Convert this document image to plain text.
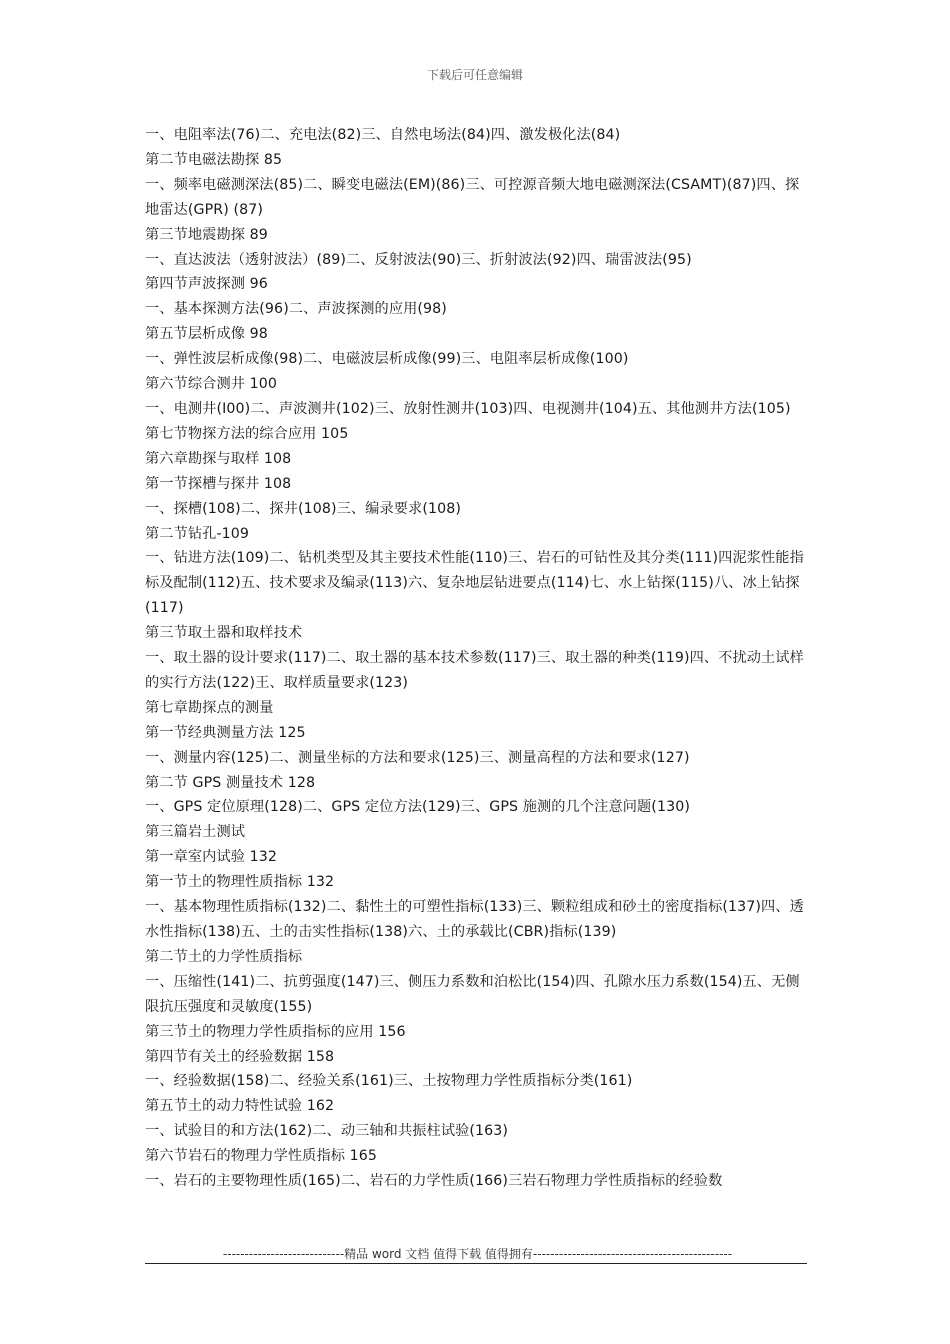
下载后可任意编辑
一、电阻率法(76)二、充电法(82)三、自然电场法(84)四、激发极化法(84)
第二节电磁法勘探 85
一、频率电磁测深法(85)二、瞬变电磁法(EM)(86)三、可控源音频大地电磁测深法(CSAMT)(87)四、探地雷达(GPR) (87)
第三节地震勘探 89
一、直达波法（透射波法）(89)二、反射波法(90)三、折射波法(92)四、瑞雷波法(95)
第四节声波探测 96
一、基本探测方法(96)二、声波探测的应用(98)
第五节层析成像 98
一、弹性波层析成像(98)二、电磁波层析成像(99)三、电阻率层析成像(100)
第六节综合测井 100
一、电测井(I00)二、声波测井(102)三、放射性测井(103)四、电视测井(104)五、其他测井方法(105)
第七节物探方法的综合应用 105
第六章勘探与取样 108
第一节探槽与探井 108
一、探槽(108)二、探井(108)三、编录要求(108)
第二节钻孔-109
一、钻进方法(109)二、钻机类型及其主要技术性能(110)三、岩石的可钻性及其分类(111)四泥浆性能指标及配制(112)五、技术要求及编录(113)六、复杂地层钻进要点(114)七、水上钻探(115)八、冰上钻探(117)
第三节取土器和取样技术
一、取土器的设计要求(117)二、取土器的基本技术参数(117)三、取土器的种类(119)四、不扰动土试样的实行方法(122)王、取样质量要求(123)
第七章勘探点的测量
第一节经典测量方法 125
一、测量内容(125)二、测量坐标的方法和要求(125)三、测量高程的方法和要求(127)
第二节 GPS 测量技术 128
一、GPS 定位原理(128)二、GPS 定位方法(129)三、GPS 施测的几个注意问题(130)
第三篇岩土测试
第一章室内试验 132
第一节土的物理性质指标 132
一、基本物理性质指标(132)二、黏性土的可塑性指标(133)三、颗粒组成和砂土的密度指标(137)四、透水性指标(138)五、土的击实性指标(138)六、土的承载比(CBR)指标(139)
第二节土的力学性质指标
一、压缩性(141)二、抗剪强度(147)三、侧压力系数和泊松比(154)四、孔隙水压力系数(154)五、无侧限抗压强度和灵敏度(155)
第三节土的物理力学性质指标的应用 156
第四节有关土的经验数据 158
一、经验数据(158)二、经验关系(161)三、土按物理力学性质指标分类(161)
第五节土的动力特性试验 162
一、试验目的和方法(162)二、动三轴和共振柱试验(163)
第六节岩石的物理力学性质指标 165
一、岩石的主要物理性质(165)二、岩石的力学性质(166)三岩石物理力学性质指标的经验数
----------------------------精品 word 文档 值得下载 值得拥有----------------------------------------------
